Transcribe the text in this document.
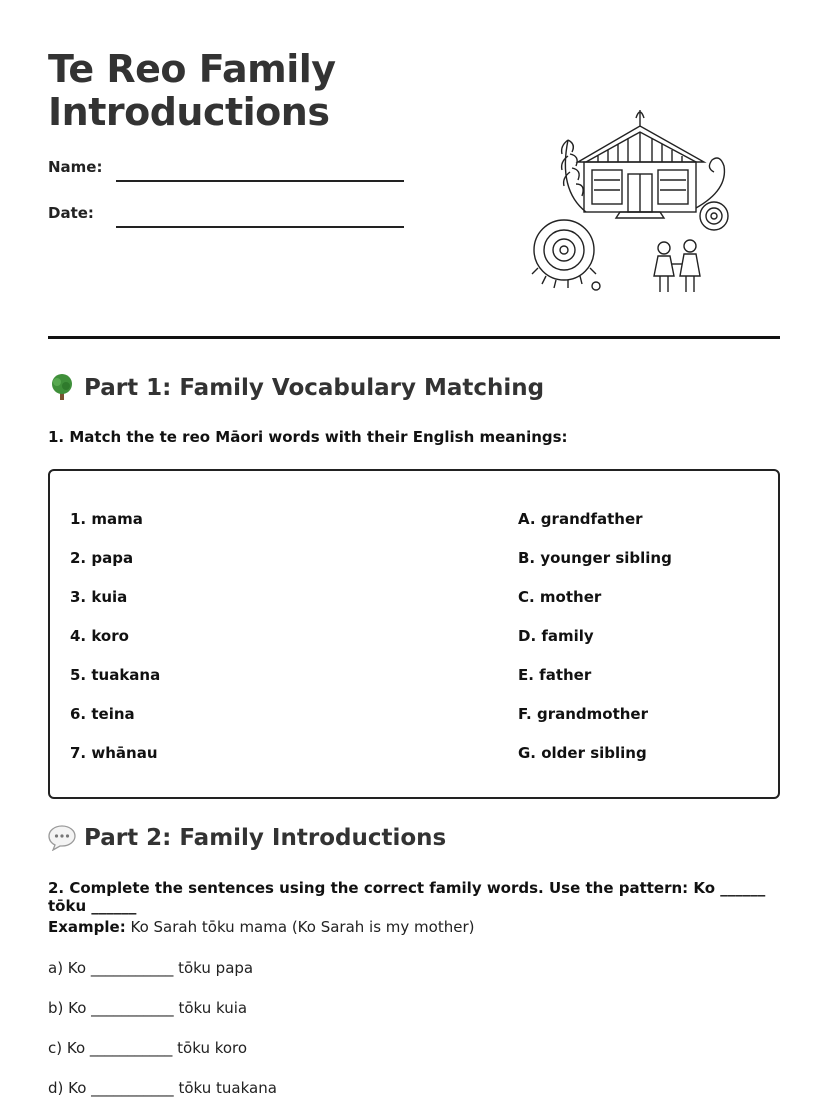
Te Reo Family
Introductions
Name:
Date:
Part 1: Family Vocabulary Matching
1. Match the te reo Māori words with their English meanings:
1. mama
2. papa
3. kuia
4. koro
5. tuakana
6. teina
7. whānau
A. grandfather
B. younger sibling
C. mother
D. family
E. father
F. grandmother
G. older sibling
Part 2: Family Introductions
2. Complete the sentences using the correct family words. Use the pattern: Ko ______ tōku ______
Example: Ko Sarah tōku mama (Ko Sarah is my mother)
a) Ko ___________ tōku papa
b) Ko ___________ tōku kuia
c) Ko ___________ tōku koro
d) Ko ___________ tōku tuakana
